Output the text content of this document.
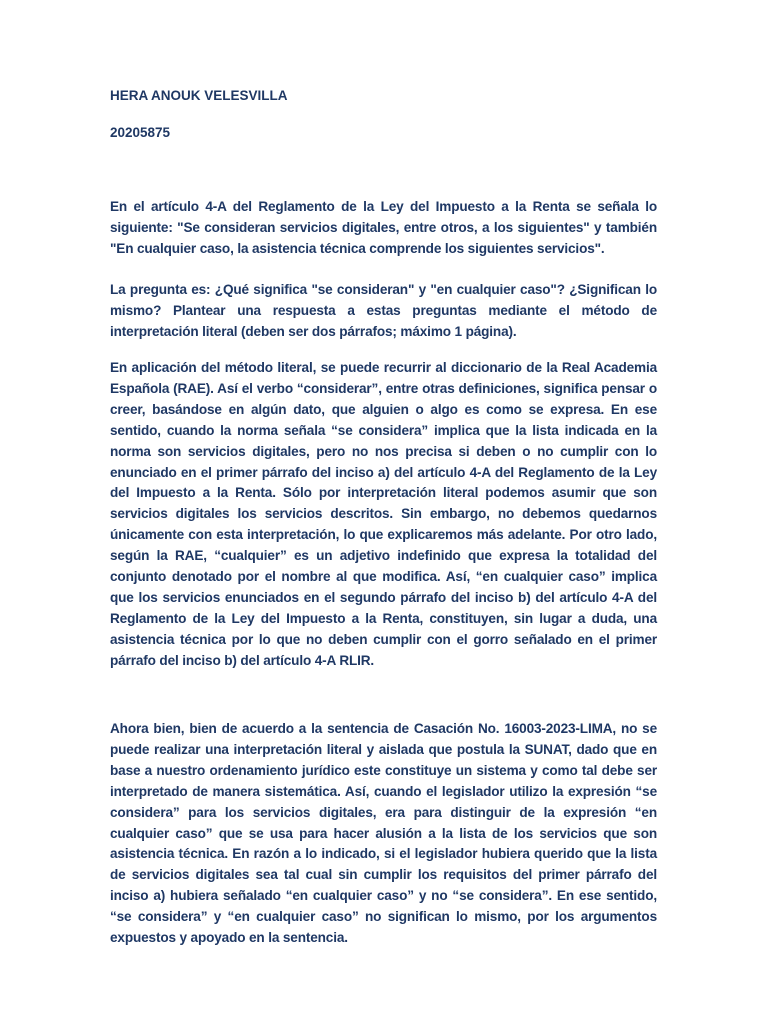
HERA ANOUK VELESVILLA
20205875
En el artículo 4-A del Reglamento de la Ley del Impuesto a la Renta se señala lo siguiente: "Se consideran servicios digitales, entre otros, a los siguientes" y también "En cualquier caso, la asistencia técnica comprende los siguientes servicios".
La pregunta es: ¿Qué significa "se consideran" y "en cualquier caso"? ¿Significan lo mismo? Plantear una respuesta a estas preguntas mediante el método de interpretación literal (deben ser dos párrafos; máximo 1 página).
En aplicación del método literal, se puede recurrir al diccionario de la Real Academia Española (RAE). Así el verbo “considerar”, entre otras definiciones, significa pensar o creer, basándose en algún dato, que alguien o algo es como se expresa. En ese sentido, cuando la norma señala “se considera” implica que la lista indicada en la norma son servicios digitales, pero no nos precisa si deben o no cumplir con lo enunciado en el primer párrafo del inciso a) del artículo 4-A del Reglamento de la Ley del Impuesto a la Renta. Sólo por interpretación literal podemos asumir que son servicios digitales los servicios descritos. Sin embargo, no debemos quedarnos únicamente con esta interpretación, lo que explicaremos más adelante. Por otro lado, según la RAE, “cualquier” es un adjetivo indefinido que expresa la totalidad del conjunto denotado por el nombre al que modifica. Así, “en cualquier caso” implica que los servicios enunciados en el segundo párrafo del inciso b) del artículo 4-A del Reglamento de la Ley del Impuesto a la Renta, constituyen, sin lugar a duda, una asistencia técnica por lo que no deben cumplir con el gorro señalado en el primer párrafo del inciso b) del artículo 4-A RLIR.
Ahora bien, bien de acuerdo a la sentencia de Casación No. 16003-2023-LIMA, no se puede realizar una interpretación literal y aislada que postula la SUNAT, dado que en base a nuestro ordenamiento jurídico este constituye un sistema y como tal debe ser interpretado de manera sistemática. Así, cuando el legislador utilizo la expresión “se considera” para los servicios digitales, era para distinguir de la expresión “en cualquier caso” que se usa para hacer alusión a la lista de los servicios que son asistencia técnica. En razón a lo indicado, si el legislador hubiera querido que la lista de servicios digitales sea tal cual sin cumplir los requisitos del primer párrafo del inciso a) hubiera señalado “en cualquier caso” y no “se considera”. En ese sentido, “se considera” y “en cualquier caso” no significan lo mismo, por los argumentos expuestos y apoyado en la sentencia.
